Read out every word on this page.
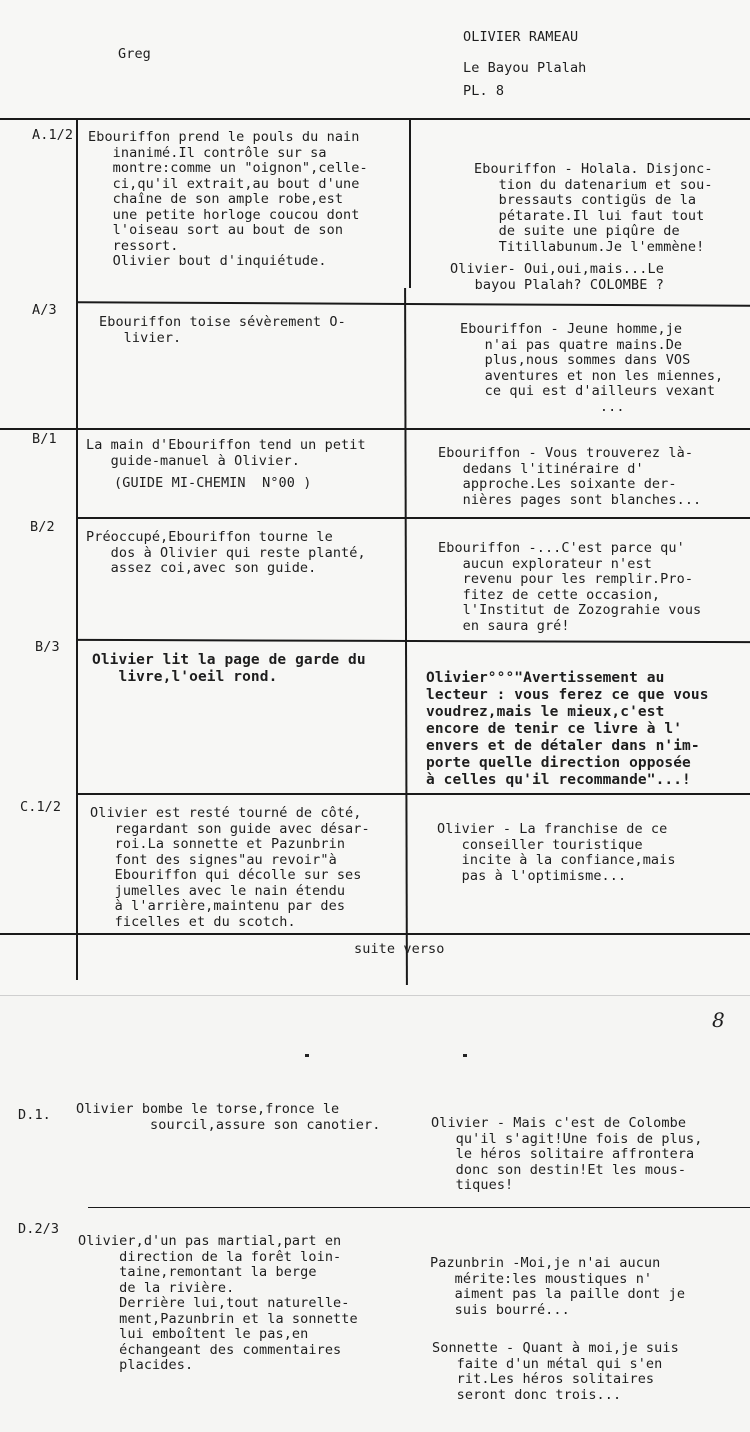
Greg
OLIVIER RAMEAU
Le Bayou Plalah
PL. 8
A.1/2 Ebouriffon prend le pouls du nain
inanimé.Il contrôle sur sa
montre:comme un "oignon",celle-
ci,qu'il extrait,au bout d'une
chaîne de son ample robe,est
une petite horloge coucou dont
l'oiseau sort au bout de son
ressort.
Olivier bout d'inquiétude.
Ebouriffon - Holala. Disjonc-
tion du datenarium et sou-
bressauts contigüs de la
pétarate.Il lui faut tout
de suite une piqûre de
Titillabunum.Je l'emmène!
Olivier- Oui,oui,mais...Le
bayou Plalah? COLOMBE ?
A/3
Ebouriffon toise sévèrement O-
livier.
Ebouriffon - Jeune homme,je
n'ai pas quatre mains.De
plus,nous sommes dans VOS
aventures et non les miennes,
ce qui est d'ailleurs vexant
...
B/1 La main d'Ebouriffon tend un petit
guide-manuel à Olivier.
(GUIDE MI-CHEMIN  N°00 )
Ebouriffon - Vous trouverez là-
dedans l'itinéraire d'
approche.Les soixante der-
nières pages sont blanches...
B/2
Préoccupé,Ebouriffon tourne le
dos à Olivier qui reste planté,
assez coi,avec son guide.
Ebouriffon -...C'est parce qu'
aucun explorateur n'est
revenu pour les remplir.Pro-
fitez de cette occasion,
l'Institut de Zozograhie vous
en saura gré!
B/3
Olivier lit la page de garde du
livre,l'oeil rond.	Olivier°°°"Avertissement au
lecteur : vous ferez ce que vous
voudrez,mais le mieux,c'est
encore de tenir ce livre à l'
envers et de détaler dans n'im-
porte quelle direction opposée
à celles qu'il recommande"...!
C.1/2 Olivier est resté tourné de côté,
regardant son guide avec désar-
roi.La sonnette et Pazunbrin
font des signes"au revoir"à
Ebouriffon qui décolle sur ses
jumelles avec le nain étendu
à l'arrière,maintenu par des
ficelles et du scotch.
Olivier - La franchise de ce
conseiller touristique
incite à la confiance,mais
pas à l'optimisme...
suite verso
8
D.1. Olivier bombe le torse,fronce le
sourcil,assure son canotier.	Olivier - Mais c'est de Colombe
qu'il s'agit!Une fois de plus,
le héros solitaire affrontera
donc son destin!Et les mous-
tiques!
D.2/3
Olivier,d'un pas martial,part en
direction de la forêt loin-
taine,remontant la berge
de la rivière.
Derrière lui,tout naturelle-
ment,Pazunbrin et la sonnette
lui emboîtent le pas,en
échangeant des commentaires
placides.
Pazunbrin -Moi,je n'ai aucun
mérite:les moustiques n'
aiment pas la paille dont je
suis bourré...
Sonnette - Quant à moi,je suis
faite d'un métal qui s'en
rit.Les héros solitaires
seront donc trois...
